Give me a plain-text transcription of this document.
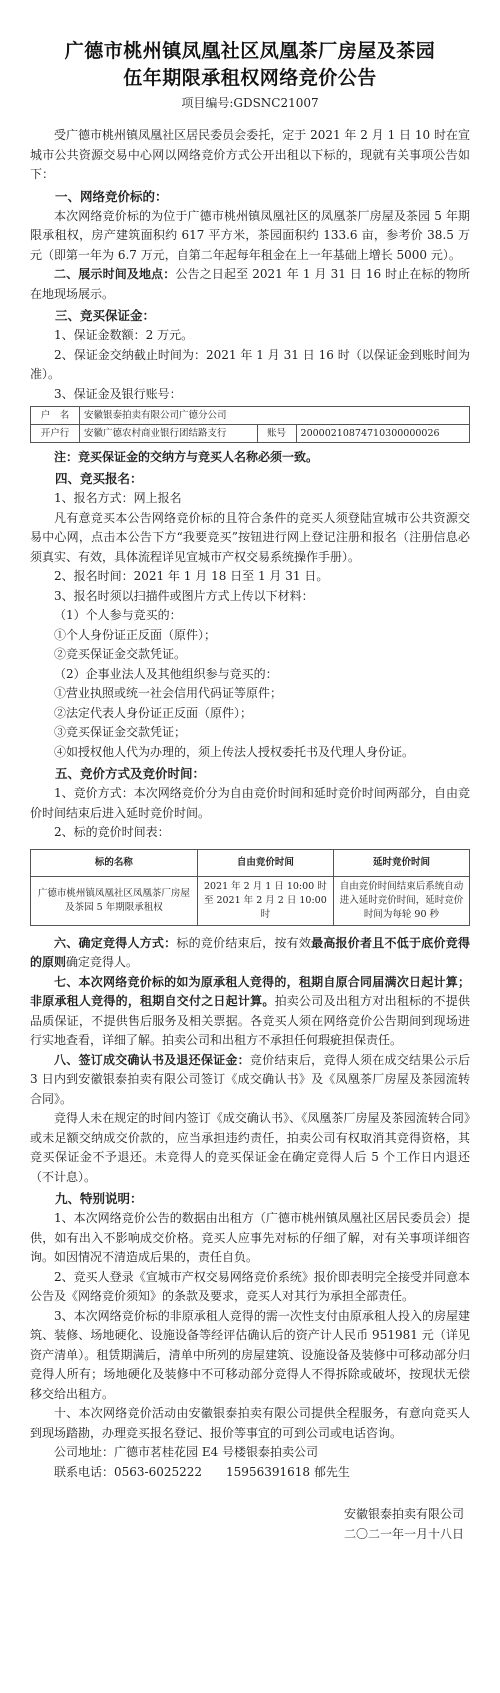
广德市桃州镇凤凰社区凤凰茶厂房屋及茶园
伍年期限承租权网络竞价公告
项目编号:GDSNC21007

受广德市桃州镇凤凰社区居民委员会委托，定于 2021 年 2 月 1 日 10 时在宣城市公共资源交易中心网以网络竞价方式公开出租以下标的，现就有关事项公告如下：

一、网络竞价标的：

本次网络竞价标的为位于广德市桃州镇凤凰社区的凤凰茶厂房屋及茶园 5 年期限承租权，房产建筑面积约 617 平方米，茶园面积约 133.6 亩，参考价 38.5 万元（即第一年为 6.7 万元，自第二年起每年租金在上一年基础上增长 5000 元）。

二、展示时间及地点：公告之日起至 2021 年 1 月 31 日 16 时止在标的物所在地现场展示。

三、竞买保证金：

1、保证金数额：2 万元。

2、保证金交纳截止时间为：2021 年 1 月 31 日 16 时（以保证金到账时间为准）。

3、保证金及银行账号：

户　名	安徽银泰拍卖有限公司广德分公司		
开户行	安徽广德农村商业银行团结路支行	账号	20000210874710300000026
注：竞买保证金的交纳方与竞买人名称必须一致。
四、竞买报名：

1、报名方式：网上报名

凡有意竞买本公告网络竞价标的且符合条件的竞买人须登陆宣城市公共资源交易中心网，点击本公告下方“我要竞买”按钮进行网上登记注册和报名（注册信息必须真实、有效，具体流程详见宣城市产权交易系统操作手册）。

2、报名时间：2021 年 1 月 18 日至 1 月 31 日。

3、报名时须以扫描件或图片方式上传以下材料：

（1）个人参与竞买的：

①个人身份证正反面（原件）；

②竞买保证金交款凭证。

（2）企事业法人及其他组织参与竞买的：

①营业执照或统一社会信用代码证等原件；

②法定代表人身份证正反面（原件）；

③竞买保证金交款凭证；

④如授权他人代为办理的，须上传法人授权委托书及代理人身份证。

五、竞价方式及竞价时间：

1、竞价方式：本次网络竞价分为自由竞价时间和延时竞价时间两部分，自由竞价时间结束后进入延时竞价时间。

2、标的竞价时间表：

标的名称	自由竞价时间	延时竞价时间
广德市桃州镇凤凰社区凤凰茶厂房屋及茶园 5 年期限承租权	2021 年 2 月 1 日 10:00 时至 2021 年 2 月 2 日 10:00 时	自由竞价时间结束后系统自动进入延时竞价时间，延时竞价时间为每轮 90 秒

六、确定竞得人方式：标的竞价结束后，按有效最高报价者且不低于底价竞得的原则确定竞得人。

七、本次网络竞价标的如为原承租人竞得的，租期自原合同届满次日起计算；非原承租人竞得的，租期自交付之日起计算。拍卖公司及出租方对出租标的不提供品质保证，不提供售后服务及相关票据。各竞买人须在网络竞价公告期间到现场进行实地查看，详细了解。拍卖公司和出租方不承担任何瑕疵担保责任。

八、签订成交确认书及退还保证金：竞价结束后，竞得人须在成交结果公示后 3 日内到安徽银泰拍卖有限公司签订《成交确认书》及《凤凰茶厂房屋及茶园流转合同》。

竞得人未在规定的时间内签订《成交确认书》、《凤凰茶厂房屋及茶园流转合同》或未足额交纳成交价款的，应当承担违约责任，拍卖公司有权取消其竞得资格，其竞买保证金不予退还。未竞得人的竞买保证金在确定竞得人后 5 个工作日内退还（不计息）。

九、特别说明：

1、本次网络竞价公告的数据由出租方（广德市桃州镇凤凰社区居民委员会）提供，如有出入不影响成交价格。竞买人应事先对标的仔细了解，对有关事项详细咨询。如因情况不清造成后果的，责任自负。

2、竞买人登录《宣城市产权交易网络竞价系统》报价即表明完全接受并同意本公告及《网络竞价须知》的条款及要求，竞买人对其行为承担全部责任。

3、本次网络竞价标的非原承租人竞得的需一次性支付由原承租人投入的房屋建筑、装修、场地硬化、设施设备等经评估确认后的资产计人民币 951981 元（详见资产清单）。租赁期满后，清单中所列的房屋建筑、设施设备及装修中可移动部分归竞得人所有；场地硬化及装修中不可移动部分竞得人不得拆除或破坏，按现状无偿移交给出租方。

十、本次网络竞价活动由安徽银泰拍卖有限公司提供全程服务，有意向竞买人到现场踏勘，办理竞买报名登记、报价等事宜的可到公司或电话咨询。

公司地址：广德市茗桂花园 E4 号楼银泰拍卖公司

联系电话：0563-6025222　　15956391618 郁先生

安徽银泰拍卖有限公司
二〇二一年一月十八日
